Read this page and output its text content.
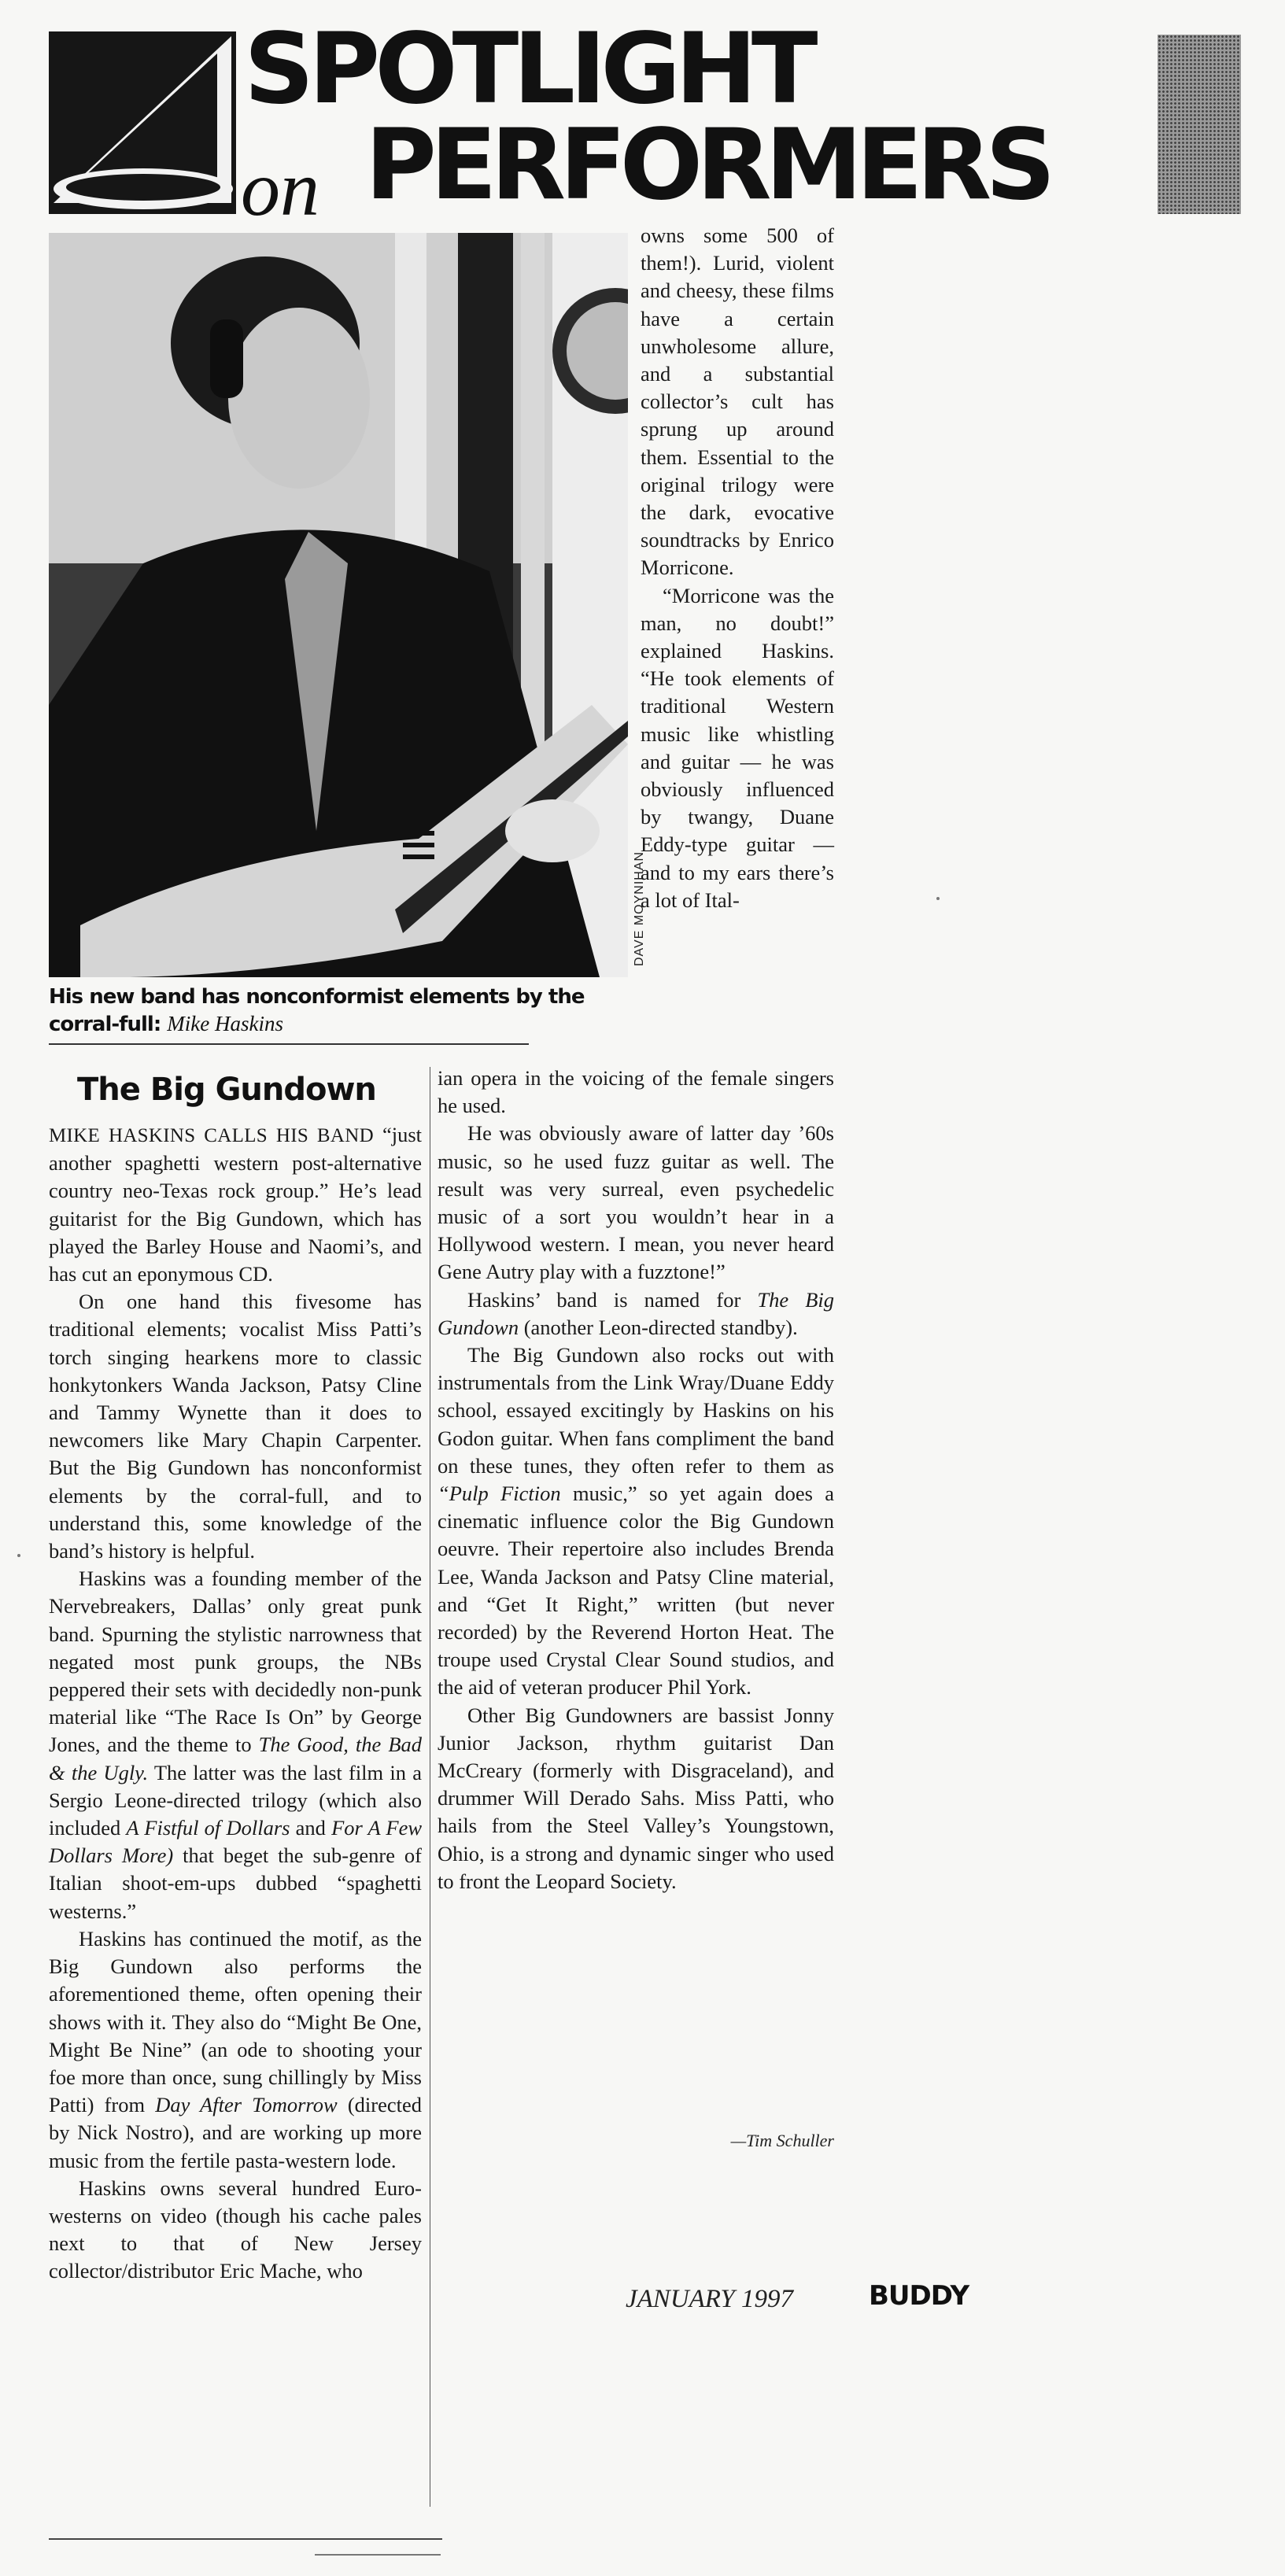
SPOTLIGHT
on PERFORMERS
DAVE MOYNIHAN
His new band has nonconformist elements by the corral-full: Mike Haskins
The Big Gundown

MIKE HASKINS CALLS HIS BAND “just another spaghetti western post-alternative country neo-Texas rock group.” He’s lead guitarist for the Big Gundown, which has played the Barley House and Naomi’s, and has cut an eponymous CD.

On one hand this fivesome has traditional elements; vocalist Miss Patti’s torch singing hearkens more to classic honkytonkers Wanda Jackson, Patsy Cline and Tammy Wynette than it does to newcomers like Mary Chapin Carpenter. But the Big Gundown has nonconformist elements by the corral-full, and to understand this, some knowledge of the band’s history is helpful.

Haskins was a founding member of the Nervebreakers, Dallas’ only great punk band. Spurning the stylistic narrowness that negated most punk groups, the NBs peppered their sets with decidedly non-punk material like “The Race Is On” by George Jones, and the theme to The Good, the Bad & the Ugly. The latter was the last film in a Sergio Leone-directed trilogy (which also included A Fistful of Dollars and For A Few Dollars More) that beget the sub-genre of Italian shoot-em-ups dubbed “spaghetti westerns.”

Haskins has continued the motif, as the Big Gundown also performs the aforementioned theme, often opening their shows with it. They also do “Might Be One, Might Be Nine” (an ode to shooting your foe more than once, sung chillingly by Miss Patti) from Day After Tomorrow (directed by Nick Nostro), and are working up more music from the fertile pasta-western lode.

Haskins owns several hundred Euro-westerns on video (though his cache pales next to that of New Jersey collector/distributor Eric Mache, who

owns some 500 of them!). Lurid, violent and cheesy, these films have a certain unwholesome allure, and a substantial collector’s cult has sprung up around them. Essential to the original trilogy were the dark, evocative soundtracks by Enrico Morricone.

“Morricone was the man, no doubt!” explained Haskins. “He took elements of traditional Western music like whistling and guitar — he was obviously influenced by twangy, Duane Eddy-type guitar — and to my ears there’s a lot of Ital-

ian opera in the voicing of the female singers he used.

He was obviously aware of latter day ’60s music, so he used fuzz guitar as well. The result was very surreal, even psychedelic music of a sort you wouldn’t hear in a Hollywood western. I mean, you never heard Gene Autry play with a fuzztone!”

Haskins’ band is named for The Big Gundown (another Leon-directed standby).

The Big Gundown also rocks out with instrumentals from the Link Wray/Duane Eddy school, essayed excitingly by Haskins on his Godon guitar. When fans compliment the band on these tunes, they often refer to them as “Pulp Fiction music,” so yet again does a cinematic influence color the Big Gundown oeuvre. Their repertoire also includes Brenda Lee, Wanda Jackson and Patsy Cline material, and “Get It Right,” written (but never recorded) by the Reverend Horton Heat. The troupe used Crystal Clear Sound studios, and the aid of veteran producer Phil York.

Other Big Gundowners are bassist Jonny Junior Jackson, rhythm guitarist Dan McCreary (formerly with Disgraceland), and drummer Will Derado Sahs. Miss Patti, who hails from the Steel Valley’s Youngstown, Ohio, is a strong and dynamic singer who used to front the Leopard Society.

—Tim Schuller
JANUARY 1997	BUDDY
